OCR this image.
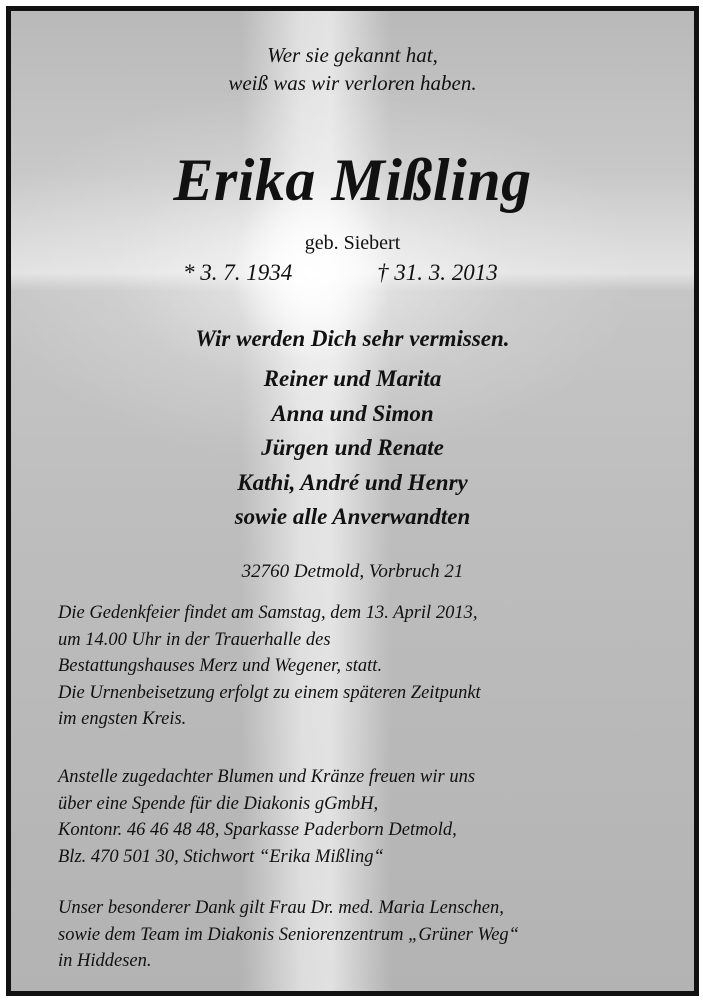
Wer sie gekannt hat,
weiß was wir verloren haben.
Erika Mißling
geb. Siebert
* 3. 7. 1934	† 31. 3. 2013
Wir werden Dich sehr vermissen.
Reiner und Marita
Anna und Simon
Jürgen und Renate
Kathi, André und Henry
sowie alle Anverwandten
32760 Detmold, Vorbruch 21
Die Gedenkfeier findet am Samstag, dem 13. April 2013,
um 14.00 Uhr in der Trauerhalle des
Bestattungshauses Merz und Wegener, statt.
Die Urnenbeisetzung erfolgt zu einem späteren Zeitpunkt
im engsten Kreis.
Anstelle zugedachter Blumen und Kränze freuen wir uns
über eine Spende für die Diakonis gGmbH,
Kontonr. 46 46 48 48, Sparkasse Paderborn Detmold,
Blz. 470 501 30, Stichwort “Erika Mißling“
Unser besonderer Dank gilt Frau Dr. med. Maria Lenschen,
sowie dem Team im Diakonis Seniorenzentrum „Grüner Weg“
in Hiddesen.
